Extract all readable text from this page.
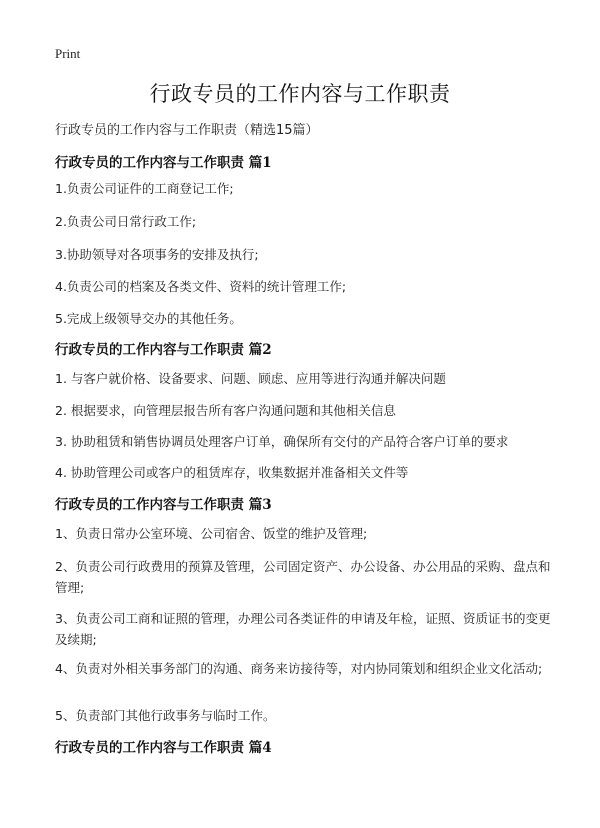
Print
行政专员的工作内容与工作职责
行政专员的工作内容与工作职责（精选15篇）
行政专员的工作内容与工作职责 篇1
1.负责公司证件的工商登记工作;
2.负责公司日常行政工作;
3.协助领导对各项事务的安排及执行;
4.负责公司的档案及各类文件、资料的统计管理工作;
5.完成上级领导交办的其他任务。
行政专员的工作内容与工作职责 篇2
1. 与客户就价格、设备要求、问题、顾虑、应用等进行沟通并解决问题
2. 根据要求，向管理层报告所有客户沟通问题和其他相关信息
3. 协助租赁和销售协调员处理客户订单，确保所有交付的产品符合客户订单的要求
4. 协助管理公司或客户的租赁库存，收集数据并准备相关文件等
行政专员的工作内容与工作职责 篇3
1、负责日常办公室环境、公司宿舍、饭堂的维护及管理;
2、负责公司行政费用的预算及管理，公司固定资产、办公设备、办公用品的采购、盘点和管理;
3、负责公司工商和证照的管理，办理公司各类证件的申请及年检，证照、资质证书的变更及续期;
4、负责对外相关事务部门的沟通、商务来访接待等，对内协同策划和组织企业文化活动;
5、负责部门其他行政事务与临时工作。
行政专员的工作内容与工作职责 篇4
